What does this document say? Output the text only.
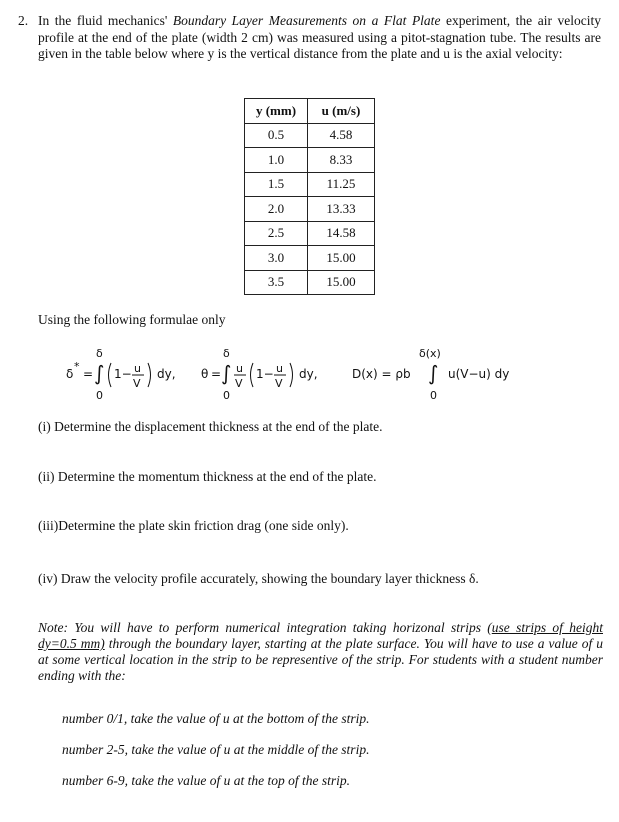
2. In the fluid mechanics' Boundary Layer Measurements on a Flat Plate experiment, the air velocity profile at the end of the plate (width 2 cm) was measured using a pitot-stagnation tube. The results are given in the table below where y is the vertical distance from the plate and u is the axial velocity:
y (mm)	u (m/s)
0.5	4.58
1.0	8.33
1.5	11.25
2.0	13.33
2.5	14.58
3.0	15.00
3.5	15.00
Using the following formulae only
δ
*
= ∫
δ
0
1− u
V
dy, θ = ∫
δ
0
u
V
1− u
V
dy,	D(x) = ρb ∫
δ(x)
0
u(V−u) dy
(i) Determine the displacement thickness at the end of the plate.
(ii) Determine the momentum thickness at the end of the plate.
(iii)Determine the plate skin friction drag (one side only).
(iv) Draw the velocity profile accurately, showing the boundary layer thickness δ.
Note: You will have to perform numerical integration taking horizonal strips (use strips of height dy=0.5 mm) through the boundary layer, starting at the plate surface. You will have to use a value of u at some vertical location in the strip to be representive of the strip. For students with a student number ending with the:
number 0/1, take the value of u at the bottom of the strip.
number 2-5, take the value of u at the middle of the strip.
number 6-9, take the value of u at the top of the strip.
